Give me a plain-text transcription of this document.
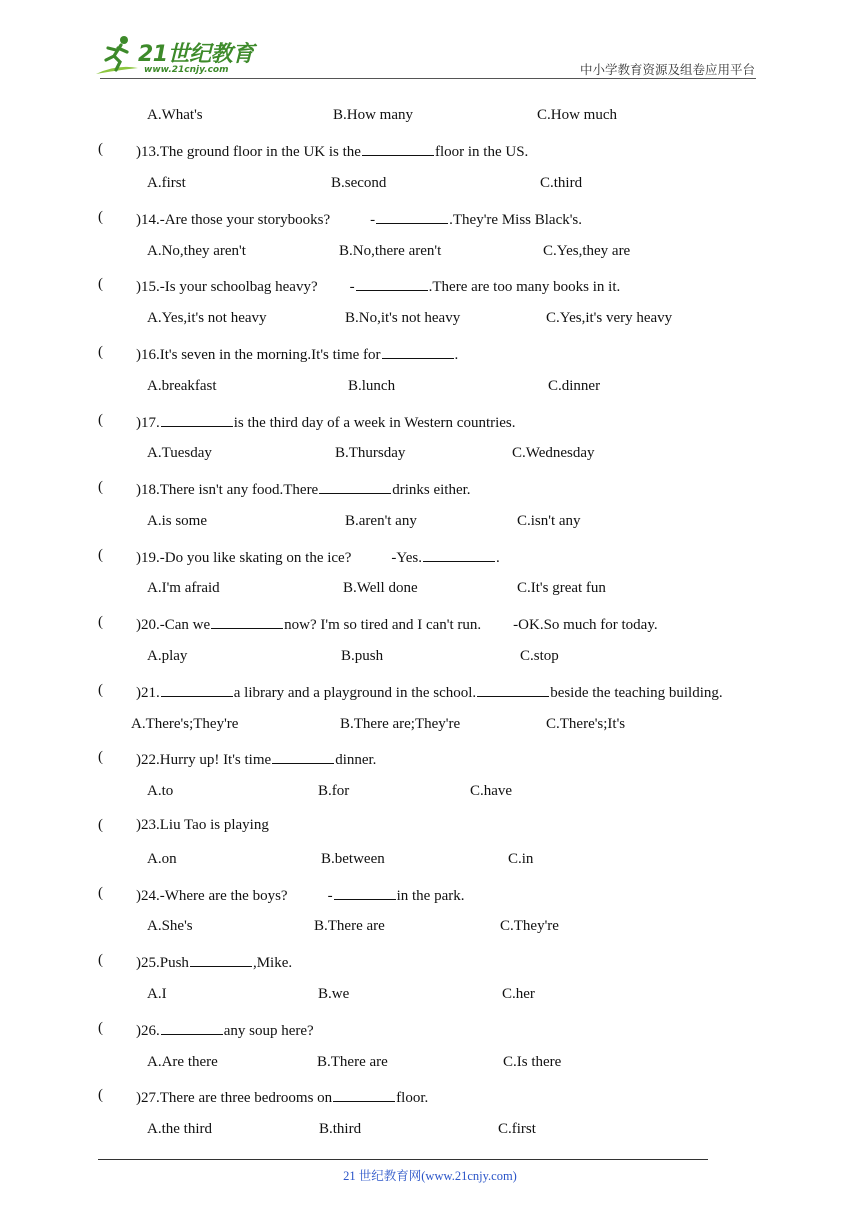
21世纪教育
www.21cnjy.com	中小学教育资源及组卷应用平台
A.What's	B.How many	C.How much
(	)13.The ground floor in the UK is the	floor in the US.
A.first	B.second	C.third
(	)14.-Are those your storybooks?	-	.They're Miss Black's.
A.No,they aren't	B.No,there aren't	C.Yes,they are
(	)15.-Is your schoolbag heavy? -	.There are too many books in it.
A.Yes,it's not heavy	B.No,it's not heavy	C.Yes,it's very heavy
(	)16.It's seven in the morning.It's time for	.
A.breakfast	B.lunch	C.dinner
(	)17.	is the third day of a week in Western countries.
A.Tuesday	B.Thursday	C.Wednesday
(	)18.There isn't any food.There	drinks either.
A.is some	B.aren't any	C.isn't any
(	)19.-Do you like skating on the ice?	-Yes.	.
A.I'm afraid	B.Well done	C.It's great fun
(	)20.-Can we	now? I'm so tired and I can't run. -OK.So much for today.
A.play	B.push	C.stop
(	)21.	a library and a playground in the school.	beside the teaching building.
A.There's;They're	B.There are;They're	C.There's;It's
(	)22.Hurry up! It's time	dinner.
A.to	B.for	C.have
(	)23.Liu Tao is playing
A.on	B.between	C.in
(	)24.-Where are the boys?	-	in the park.
A.She's	B.There are	C.They're
(	)25.Push	,Mike.
A.I	B.we	C.her
(	)26.	any soup here?
A.Are there	B.There are	C.Is there
(	)27.There are three bedrooms on	floor.
A.the third	B.third	C.first
21 世纪教育网(www.21cnjy.com)
